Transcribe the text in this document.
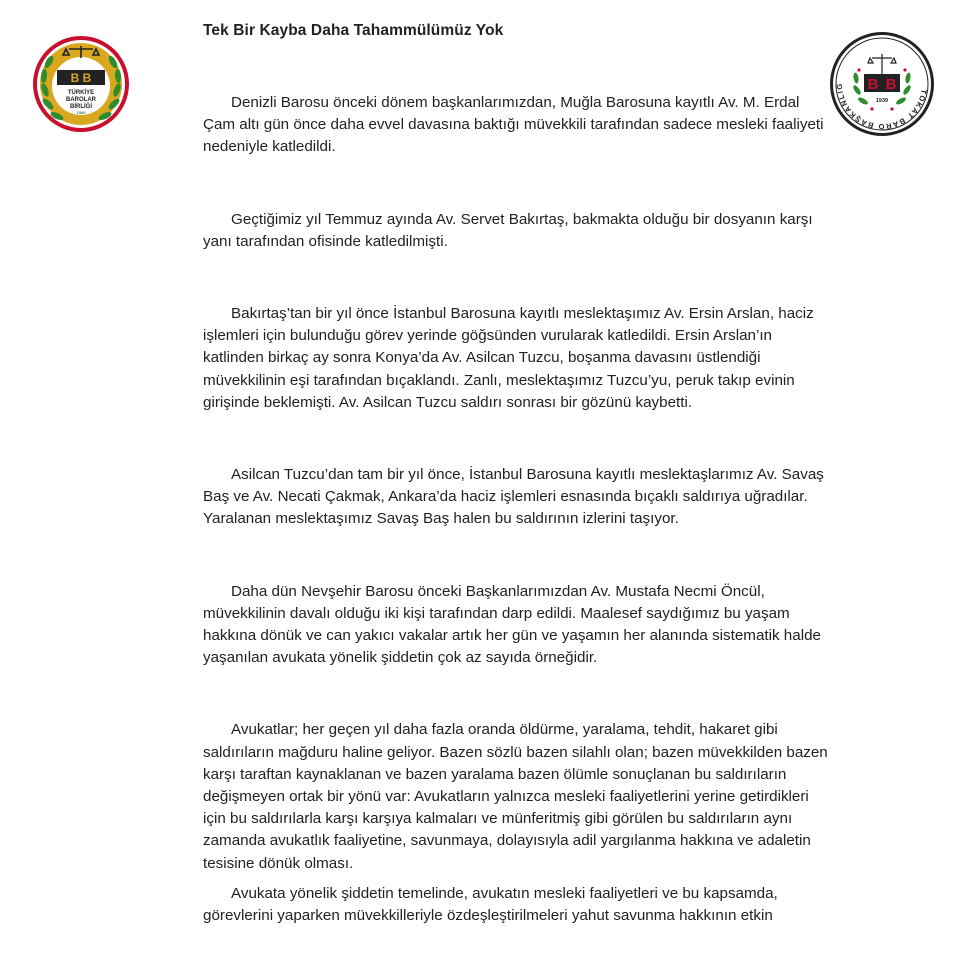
B B
TÜRKİYE
BAROLAR
BİRLİĞİ
1969
TOKAT BARO BAŞKANLIĞ	B B
1939
Tek Bir Kayba Daha Tahammülümüz Yok

Denizli Barosu önceki dönem başkanlarımızdan, Muğla Barosuna kayıtlı Av. M. Erdal Çam altı gün önce daha evvel davasına baktığı müvekkili tarafından sadece mesleki faaliyeti nedeniyle katledildi.

Geçtiğimiz yıl Temmuz ayında Av. Servet Bakırtaş, bakmakta olduğu bir dosyanın karşı yanı tarafından ofisinde katledilmişti.

Bakırtaş’tan bir yıl önce İstanbul Barosuna kayıtlı meslektaşımız Av. Ersin Arslan, haciz işlemleri için bulunduğu görev yerinde göğsünden vurularak katledildi. Ersin Arslan’ın katlinden birkaç ay sonra Konya’da Av. Asilcan Tuzcu, boşanma davasını üstlendiği müvekkilinin eşi tarafından bıçaklandı. Zanlı, meslektaşımız Tuzcu’yu, peruk takıp evinin girişinde beklemişti. Av. Asilcan Tuzcu saldırı sonrası bir gözünü kaybetti.

Asilcan Tuzcu’dan tam bir yıl önce, İstanbul Barosuna kayıtlı meslektaşlarımız Av. Savaş Baş ve Av. Necati Çakmak, Ankara’da haciz işlemleri esnasında bıçaklı saldırıya uğradılar. Yaralanan meslektaşımız Savaş Baş halen bu saldırının izlerini taşıyor.

Daha dün Nevşehir Barosu önceki Başkanlarımızdan Av. Mustafa Necmi Öncül, müvekkilinin davalı olduğu iki kişi tarafından darp edildi. Maalesef saydığımız bu yaşam hakkına dönük ve can yakıcı vakalar artık her gün ve yaşamın her alanında sistematik halde yaşanılan avukata yönelik şiddetin çok az sayıda örneğidir.

Avukatlar; her geçen yıl daha fazla oranda öldürme, yaralama, tehdit, hakaret gibi saldırıların mağduru haline geliyor. Bazen sözlü bazen silahlı olan; bazen müvekkilden bazen karşı taraftan kaynaklanan ve bazen yaralama bazen ölümle sonuçlanan bu saldırıların değişmeyen ortak bir yönü var: Avukatların yalnızca mesleki faaliyetlerini yerine getirdikleri için bu saldırılarla karşı karşıya kalmaları ve münferitmiş gibi görülen bu saldırıların aynı zamanda avukatlık faaliyetine, savunmaya, dolayısıyla adil yargılanma hakkına ve adaletin tesisine dönük olması.

Avukata yönelik şiddetin temelinde, avukatın mesleki faaliyetleri ve bu kapsamda, görevlerini yaparken müvekkilleriyle özdeşleştirilmeleri yahut savunma hakkının etkin
